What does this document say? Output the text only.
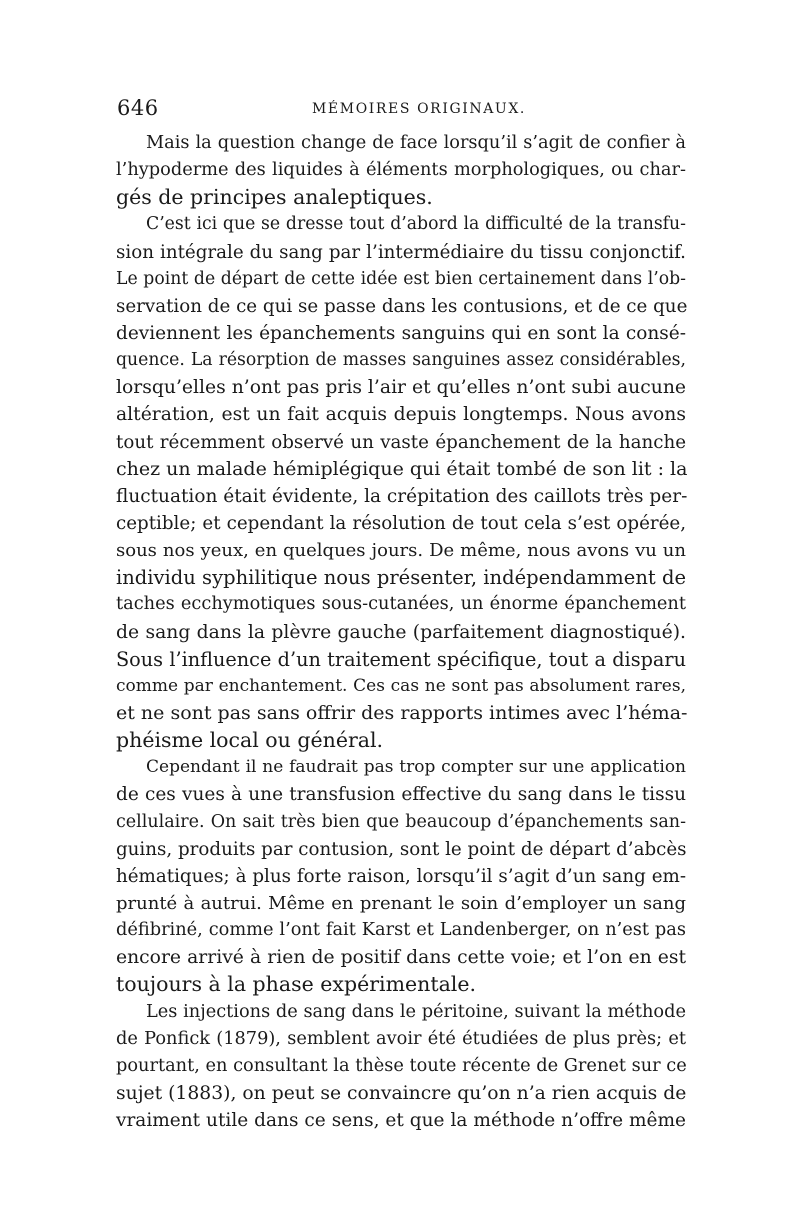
646	MÉMOIRES ORIGINAUX.
Mais la question change de face lorsqu’il s’agit de confier à
l’hypoderme des liquides à éléments morphologiques, ou char-
gés de principes analeptiques.
C’est ici que se dresse tout d’abord la difficulté de la transfu-
sion intégrale du sang par l’intermédiaire du tissu conjonctif.
Le point de départ de cette idée est bien certainement dans l’ob-
servation de ce qui se passe dans les contusions, et de ce que
deviennent les épanchements sanguins qui en sont la consé-
quence. La résorption de masses sanguines assez considérables,
lorsqu’elles n’ont pas pris l’air et qu’elles n’ont subi aucune
altération, est un fait acquis depuis longtemps. Nous avons
tout récemment observé un vaste épanchement de la hanche
chez un malade hémiplégique qui était tombé de son lit : la
fluctuation était évidente, la crépitation des caillots très per-
ceptible; et cependant la résolution de tout cela s’est opérée,
sous nos yeux, en quelques jours. De même, nous avons vu un
individu syphilitique nous présenter, indépendamment de
taches ecchymotiques sous-cutanées, un énorme épanchement
de sang dans la plèvre gauche (parfaitement diagnostiqué).
Sous l’influence d’un traitement spécifique, tout a disparu
comme par enchantement. Ces cas ne sont pas absolument rares,
et ne sont pas sans offrir des rapports intimes avec l’héma-
phéisme local ou général.
Cependant il ne faudrait pas trop compter sur une application
de ces vues à une transfusion effective du sang dans le tissu
cellulaire. On sait très bien que beaucoup d’épanchements san-
guins, produits par contusion, sont le point de départ d’abcès
hématiques; à plus forte raison, lorsqu’il s’agit d’un sang em-
prunté à autrui. Même en prenant le soin d’employer un sang
défibriné, comme l’ont fait Karst et Landenberger, on n’est pas
encore arrivé à rien de positif dans cette voie; et l’on en est
toujours à la phase expérimentale.
Les injections de sang dans le péritoine, suivant la méthode
de Ponfick (1879), semblent avoir été étudiées de plus près; et
pourtant, en consultant la thèse toute récente de Grenet sur ce
sujet (1883), on peut se convaincre qu’on n’a rien acquis de
vraiment utile dans ce sens, et que la méthode n’offre même
